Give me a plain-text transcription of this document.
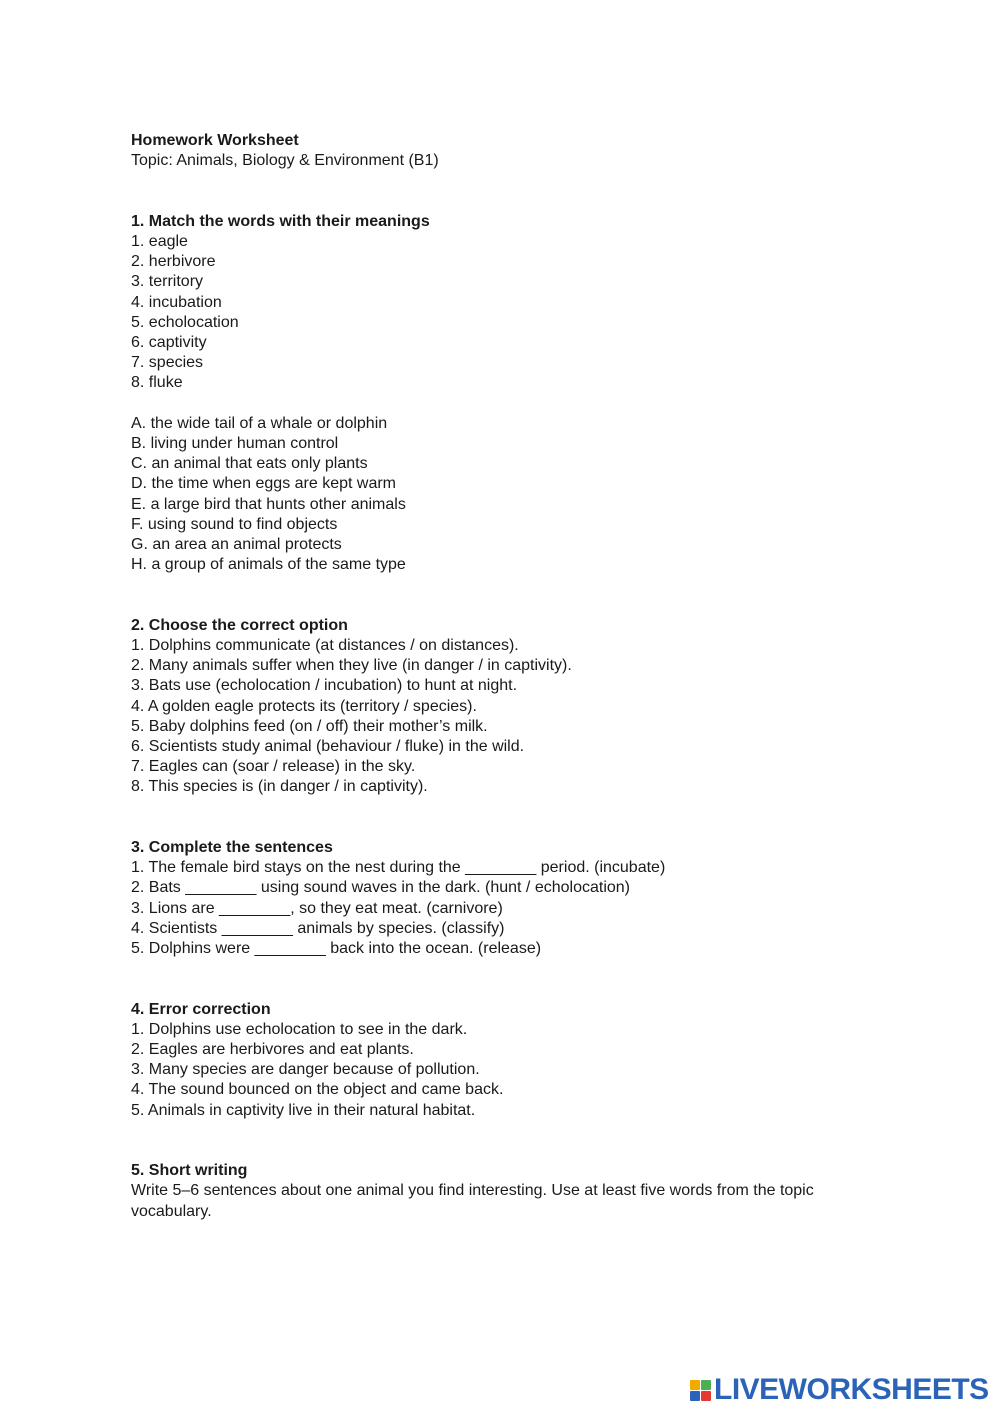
Homework Worksheet
Topic: Animals, Biology & Environment (B1)
1. Match the words with their meanings
1. eagle
2. herbivore
3. territory
4. incubation
5. echolocation
6. captivity
7. species
8. fluke
A. the wide tail of a whale or dolphin
B. living under human control
C. an animal that eats only plants
D. the time when eggs are kept warm
E. a large bird that hunts other animals
F. using sound to find objects
G. an area an animal protects
H. a group of animals of the same type
2. Choose the correct option
1. Dolphins communicate (at distances / on distances).
2. Many animals suffer when they live (in danger / in captivity).
3. Bats use (echolocation / incubation) to hunt at night.
4. A golden eagle protects its (territory / species).
5. Baby dolphins feed (on / off) their mother’s milk.
6. Scientists study animal (behaviour / fluke) in the wild.
7. Eagles can (soar / release) in the sky.
8. This species is (in danger / in captivity).
3. Complete the sentences
1. The female bird stays on the nest during the ________ period. (incubate)
2. Bats ________ using sound waves in the dark. (hunt / echolocation)
3. Lions are ________, so they eat meat. (carnivore)
4. Scientists ________ animals by species. (classify)
5. Dolphins were ________ back into the ocean. (release)
4. Error correction
1. Dolphins use echolocation to see in the dark.
2. Eagles are herbivores and eat plants.
3. Many species are danger because of pollution.
4. The sound bounced on the object and came back.
5. Animals in captivity live in their natural habitat.
5. Short writing
Write 5–6 sentences about one animal you find interesting. Use at least five words from the topic vocabulary.
LIVEWORKSHEETS
